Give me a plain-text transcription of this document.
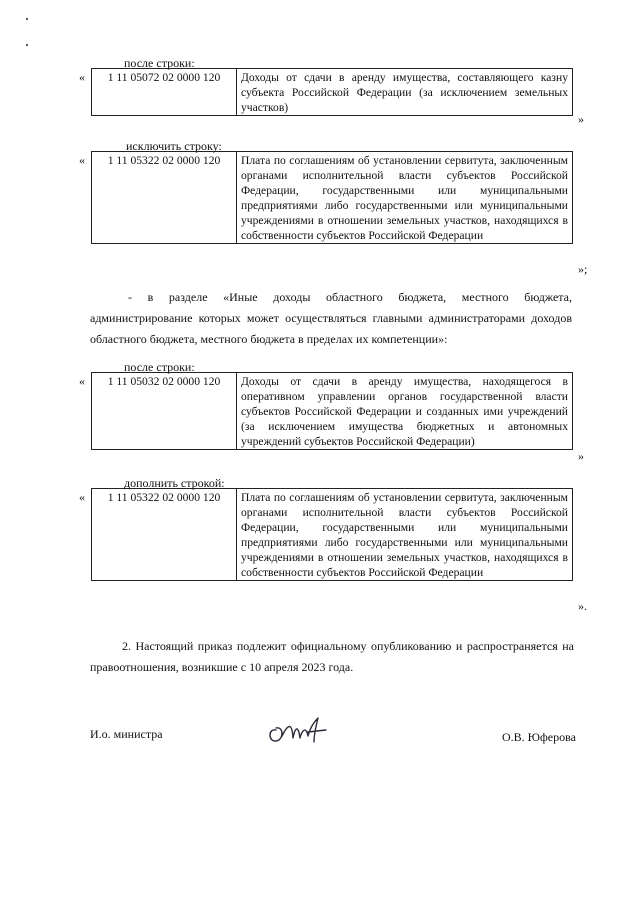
после строки:
« 1 11 05072 02 0000 120	Доходы от сдачи в аренду имущества, составляющего казну субъекта Российской Федерации (за исключением земельных участков)
»
исключить строку:
« 1 11 05322 02 0000 120	Плата по соглашениям об установлении сервитута, заключенным органами исполнительной власти субъектов Российской Федерации, государственными или муниципальными предприятиями либо государственными или муниципальными учреждениями в отношении земельных участков, находящихся в собственности субъектов Российской Федерации
»;
- в разделе «Иные доходы областного бюджета, местного бюджета, администрирование которых может осуществляться главными администраторами доходов областного бюджета, местного бюджета в пределах их компетенции»:
после строки:
« 1 11 05032 02 0000 120	Доходы от сдачи в аренду имущества, находящегося в оперативном управлении органов государственной власти субъектов Российской Федерации и созданных ими учреждений (за исключением имущества бюджетных и автономных учреждений субъектов Российской Федерации)
»
дополнить строкой:
« 1 11 05322 02 0000 120	Плата по соглашениям об установлении сервитута, заключенным органами исполнительной власти субъектов Российской Федерации, государственными или муниципальными предприятиями либо государственными или муниципальными учреждениями в отношении земельных участков, находящихся в собственности субъектов Российской Федерации
».
2. Настоящий приказ подлежит официальному опубликованию и распространяется на правоотношения, возникшие с 10 апреля 2023 года.
И.о. министра	О.В. Юферова
